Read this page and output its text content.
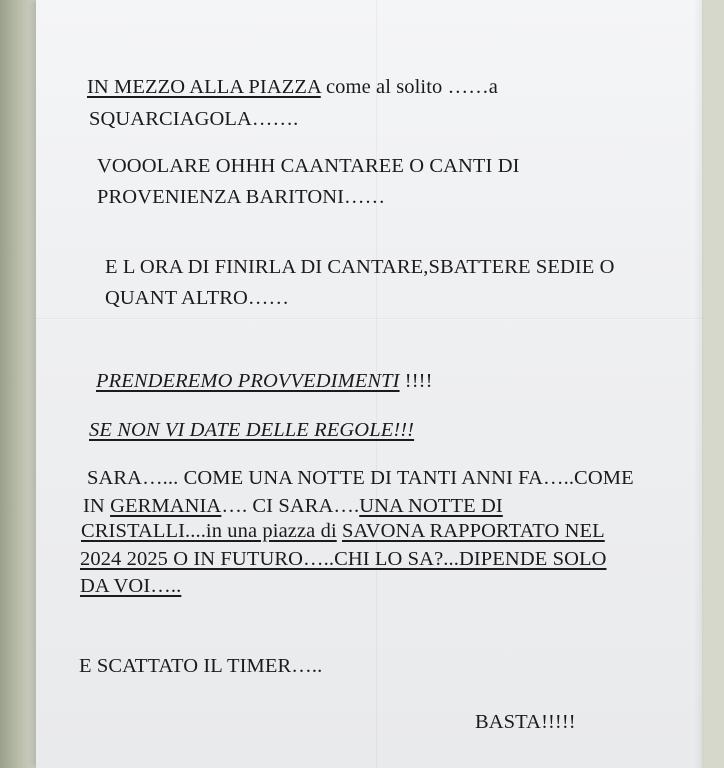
IN MEZZO ALLA PIAZZA come al solito ……a
SQUARCIAGOLA…….
VOOOLARE OHHH CAANTAREE O CANTI DI
PROVENIENZA BARITONI……
E L ORA DI FINIRLA DI CANTARE,SBATTERE SEDIE O
QUANT ALTRO……
PRENDEREMO PROVVEDIMENTI !!!!
SE NON VI DATE DELLE REGOLE!!!
SARA…... COME UNA NOTTE DI TANTI ANNI FA…..COME
IN GERMANIA…. CI SARA….UNA NOTTE DI
CRISTALLI....in una piazza di SAVONA RAPPORTATO NEL
2024 2025 O IN FUTURO…..CHI LO SA?...DIPENDE SOLO
DA VOI…..
E SCATTATO IL TIMER…..
BASTA!!!!!
